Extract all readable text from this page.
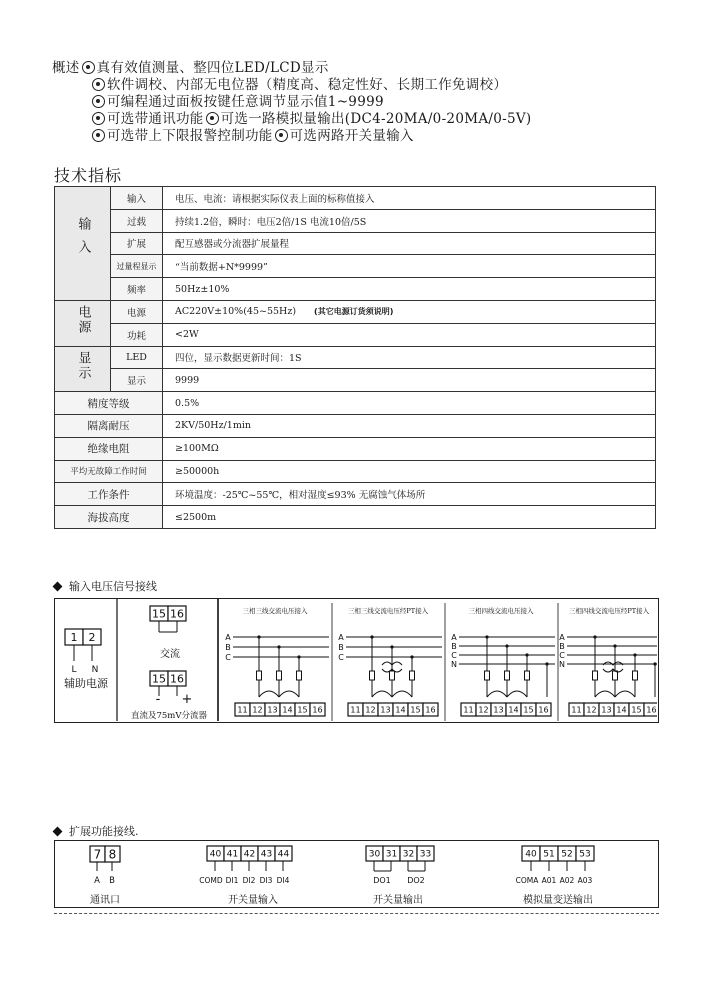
概述 真有效值测量、整四位LED/LCD显示
软件调校、内部无电位器（精度高、稳定性好、长期工作免调校）
可编程通过面板按键任意调节显示值1~9999
可选带通讯功能 可选一路模拟量输出(DC4-20MA/0-20MA/0-5V)
可选带上下限报警控制功能 可选两路开关量输入
技术指标
输入	输入	电压、电流：请根据实际仪表上面的标称值接入
	过载	持续1.2倍，瞬时：电压2倍/1S 电流10倍/5S
	扩展	配互感器或分流器扩展量程
	过量程显示	“当前数据+N*9999”
	频率	50Hz±10%
电源	电源	AC220V±10%(45~55Hz) (其它电源订货须说明)
	功耗	<2W
显示	LED	四位，显示数据更新时间：1S
	显示	9999
精度等级		0.5%
隔离耐压		2KV/50Hz/1min
绝缘电阻		≥100MΩ
平均无故障工作时间		≥50000h
工作条件		环境温度：-25℃~55℃，相对湿度≤93% 无腐蚀气体场所
海拔高度		≤2500m
输入电压信号接线
1 2
L N
辅助电源
15 16
交流
15 16
- +
直流及75mV分流器
三相三线交流电压接入
A
B
C
11 12 13 14 15 16
三相三线交流电压经PT接入
A
B
C
11 12 13 14 15 16
三相四线交流电压接入
A
B
C
N
11 12 13 14 15 16
三相四线交流电压经PT接入
A
B
C
N
11 12 13 14 15 16
扩展功能接线.
7 8
A B
通讯口
40 41 42 43 44
COMD DI1 DI2 DI3 DI4
开关量输入
30 31 32 33
DO1 DO2
开关量输出
40 51 52 53
COMA A01 A02 A03
模拟量变送输出
